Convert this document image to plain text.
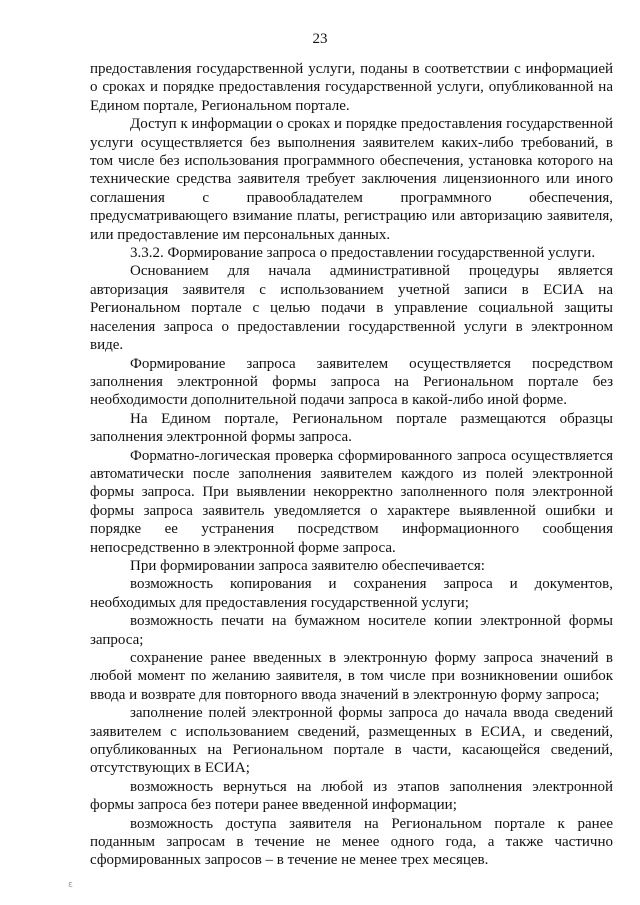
23

предоставления государственной услуги, поданы в соответствии с информацией о сроках и порядке предоставления государственной услуги, опубликованной на Едином портале, Региональном портале.

Доступ к информации о сроках и порядке предоставления государственной услуги осуществляется без выполнения заявителем каких-либо требований, в том числе без использования программного обеспечения, установка которого на технические средства заявителя требует заключения лицензионного или иного соглашения с правообладателем программного обеспечения, предусматривающего взимание платы, регистрацию или авторизацию заявителя, или предоставление им персональных данных.

3.3.2. Формирование запроса о предоставлении государственной услуги.

Основанием для начала административной процедуры является авторизация заявителя с использованием учетной записи в ЕСИА на Региональном портале с целью подачи в управление социальной защиты населения запроса о предоставлении государственной услуги в электронном виде.

Формирование запроса заявителем осуществляется посредством заполнения электронной формы запроса на Региональном портале без необходимости дополнительной подачи запроса в какой-либо иной форме.

На Едином портале, Региональном портале размещаются образцы заполнения электронной формы запроса.

Форматно-логическая проверка сформированного запроса осуществляется автоматически после заполнения заявителем каждого из полей электронной формы запроса. При выявлении некорректно заполненного поля электронной формы запроса заявитель уведомляется о характере выявленной ошибки и порядке ее устранения посредством информационного сообщения непосредственно в электронной форме запроса.

При формировании запроса заявителю обеспечивается:

возможность копирования и сохранения запроса и документов, необходимых для предоставления государственной услуги;

возможность печати на бумажном носителе копии электронной формы запроса;

сохранение ранее введенных в электронную форму запроса значений в любой момент по желанию заявителя, в том числе при возникновении ошибок ввода и возврате для повторного ввода значений в электронную форму запроса;

заполнение полей электронной формы запроса до начала ввода сведений заявителем с использованием сведений, размещенных в ЕСИА, и сведений, опубликованных на Региональном портале в части, касающейся сведений, отсутствующих в ЕСИА;

возможность вернуться на любой из этапов заполнения электронной формы запроса без потери ранее введенной информации;

возможность доступа заявителя на Региональном портале к ранее поданным запросам в течение не менее одного года, а также частично сформированных запросов – в течение не менее трех месяцев.

ε
